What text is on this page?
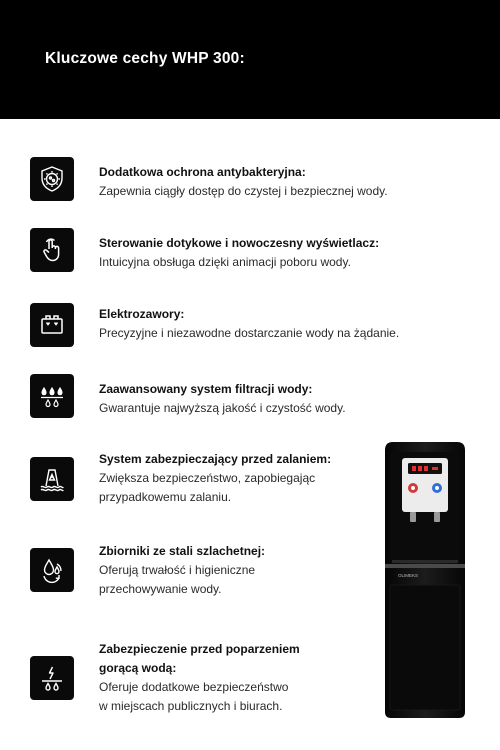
Kluczowe cechy WHP 300:
Dodatkowa ochrona antybakteryjna:
Zapewnia ciągły dostęp do czystej i bezpiecznej wody.
Sterowanie dotykowe i nowoczesny wyświetlacz:
Intuicyjna obsługa dzięki animacji poboru wody.
Elektrozawory:
Precyzyjne i niezawodne dostarczanie wody na żądanie.
Zaawansowany system filtracji wody:
Gwarantuje najwyższą jakość i czystość wody.
System zabezpieczający przed zalaniem:
Zwiększa bezpieczeństwo, zapobiegając
przypadkowemu zalaniu.
Zbiorniki ze stali szlachetnej:
Oferują trwałość i higieniczne
przechowywanie wody.
Zabezpieczenie przed poparzeniem
gorącą wodą:
Oferuje dodatkowe bezpieczeństwo
w miejscach publicznych i biurach.
OLIMEKS
